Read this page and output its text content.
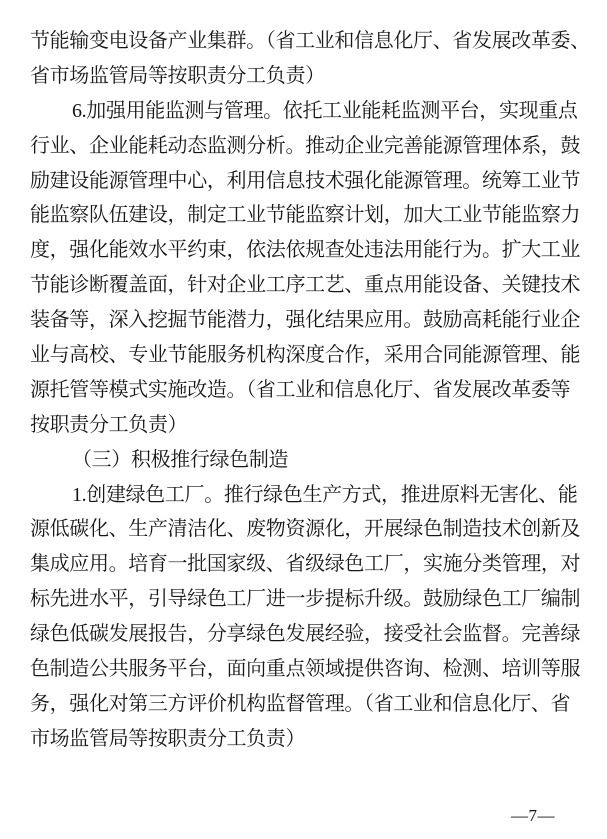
节能输变电设备产业集群。（省工业和信息化厅、省发展改革委、
省市场监管局等按职责分工负责）
6.加强用能监测与管理。依托工业能耗监测平台，实现重点
行业、企业能耗动态监测分析。推动企业完善能源管理体系，鼓
励建设能源管理中心，利用信息技术强化能源管理。统筹工业节
能监察队伍建设，制定工业节能监察计划，加大工业节能监察力
度，强化能效水平约束，依法依规查处违法用能行为。扩大工业
节能诊断覆盖面，针对企业工序工艺、重点用能设备、关键技术
装备等，深入挖掘节能潜力，强化结果应用。鼓励高耗能行业企
业与高校、专业节能服务机构深度合作，采用合同能源管理、能
源托管等模式实施改造。（省工业和信息化厅、省发展改革委等
按职责分工负责）
（三）积极推行绿色制造
1.创建绿色工厂。推行绿色生产方式，推进原料无害化、能
源低碳化、生产清洁化、废物资源化，开展绿色制造技术创新及
集成应用。培育一批国家级、省级绿色工厂，实施分类管理，对
标先进水平，引导绿色工厂进一步提标升级。鼓励绿色工厂编制
绿色低碳发展报告，分享绿色发展经验，接受社会监督。完善绿
色制造公共服务平台，面向重点领域提供咨询、检测、培训等服
务，强化对第三方评价机构监督管理。（省工业和信息化厅、省
市场监管局等按职责分工负责）
—7—
